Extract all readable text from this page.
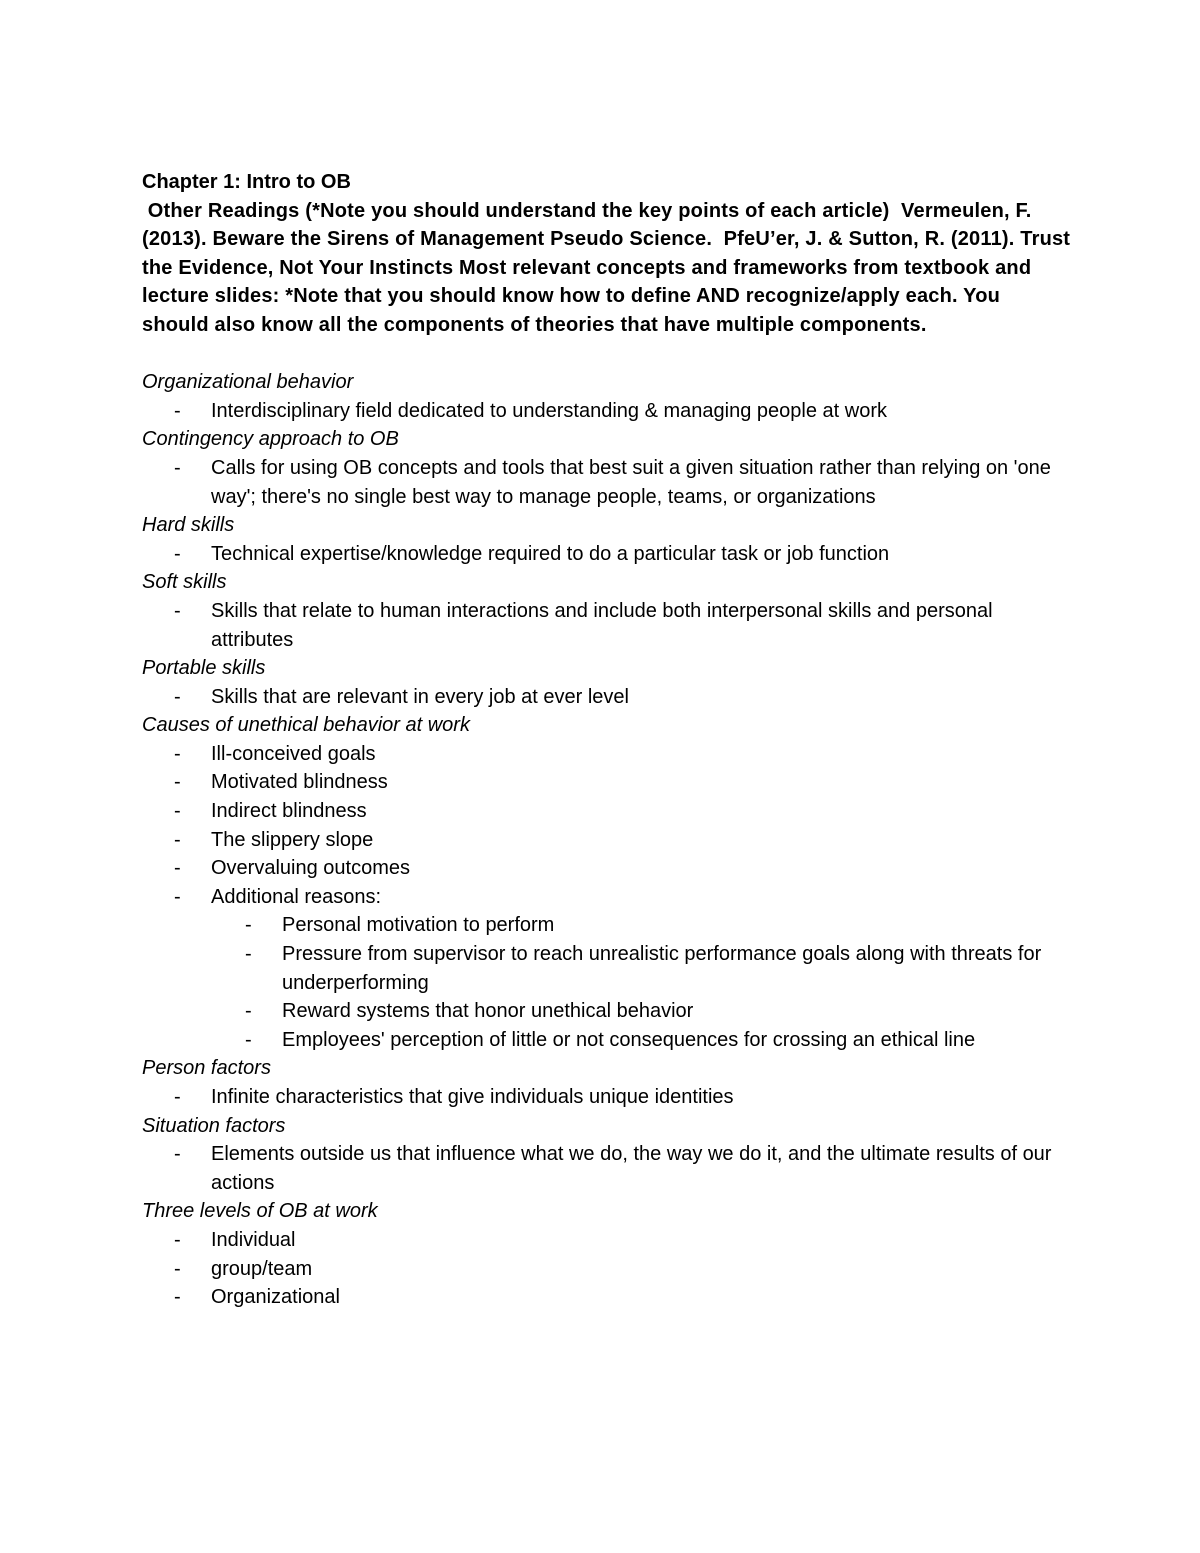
Chapter 1: Intro to OB

Other Readings (*Note you should understand the key points of each article)  Vermeulen, F. (2013). Beware the Sirens of Management Pseudo Science.  PfeU’er, J. & Sutton, R. (2011). Trust the Evidence, Not Your Instincts Most relevant concepts and frameworks from textbook and lecture slides: *Note that you should know how to define AND recognize/apply each. You should also know all the components of theories that have multiple components.

Organizational behavior

- Interdisciplinary field dedicated to understanding & managing people at work

Contingency approach to OB

- Calls for using OB concepts and tools that best suit a given situation rather than relying on 'one way'; there's no single best way to manage people, teams, or organizations

Hard skills

- Technical expertise/knowledge required to do a particular task or job function

Soft skills

- Skills that relate to human interactions and include both interpersonal skills and personal attributes

Portable skills

- Skills that are relevant in every job at ever level

Causes of unethical behavior at work

- Ill-conceived goals
- Motivated blindness
- Indirect blindness
- The slippery slope
- Overvaluing outcomes
- Additional reasons:
- Personal motivation to perform
- Pressure from supervisor to reach unrealistic performance goals along with threats for underperforming
- Reward systems that honor unethical behavior
- Employees' perception of little or not consequences for crossing an ethical line

Person factors

- Infinite characteristics that give individuals unique identities

Situation factors

- Elements outside us that influence what we do, the way we do it, and the ultimate results of our actions

Three levels of OB at work

- Individual
- group/team
- Organizational
